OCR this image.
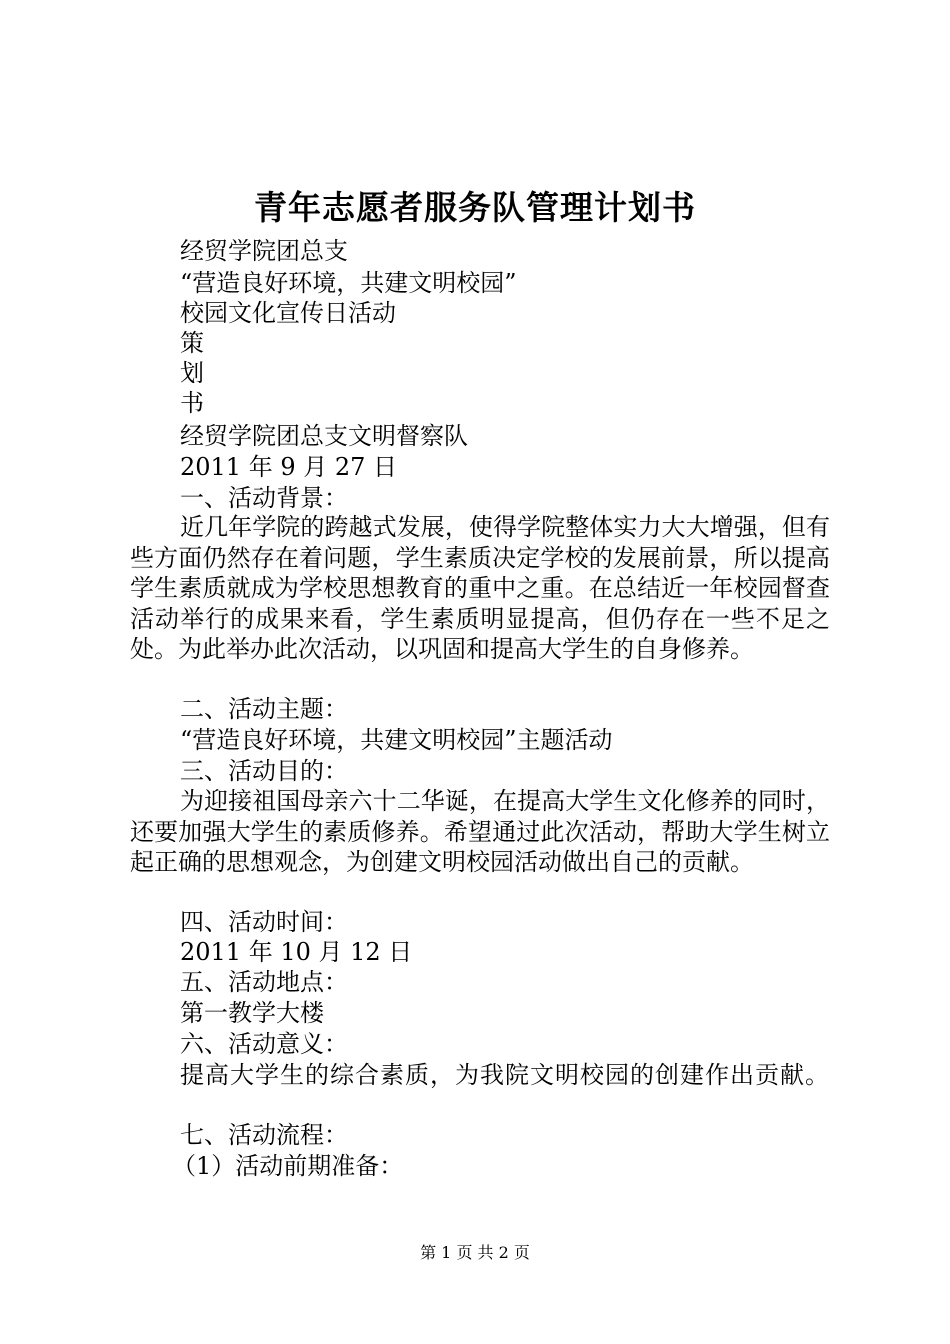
青年志愿者服务队管理计划书
经贸学院团总支
“营造良好环境，共建文明校园”
校园文化宣传日活动
策
划
书
经贸学院团总支文明督察队
2011 年 9 月 27 日
一、活动背景：
近几年学院的跨越式发展，使得学院整体实力大大增强，但有些方面仍然存在着问题，学生素质决定学校的发展前景，所以提高学生素质就成为学校思想教育的重中之重。在总结近一年校园督查活动举行的成果来看，学生素质明显提高，但仍存在一些不足之处。为此举办此次活动，以巩固和提高大学生的自身修养。
二、活动主题：
“营造良好环境，共建文明校园”主题活动
三、活动目的：
为迎接祖国母亲六十二华诞，在提高大学生文化修养的同时，还要加强大学生的素质修养。希望通过此次活动，帮助大学生树立起正确的思想观念，为创建文明校园活动做出自己的贡献。
四、活动时间：
2011 年 10 月 12 日
五、活动地点：
第一教学大楼
六、活动意义：
提高大学生的综合素质，为我院文明校园的创建作出贡献。
七、活动流程：
（1）活动前期准备：
第 1 页 共 2 页
